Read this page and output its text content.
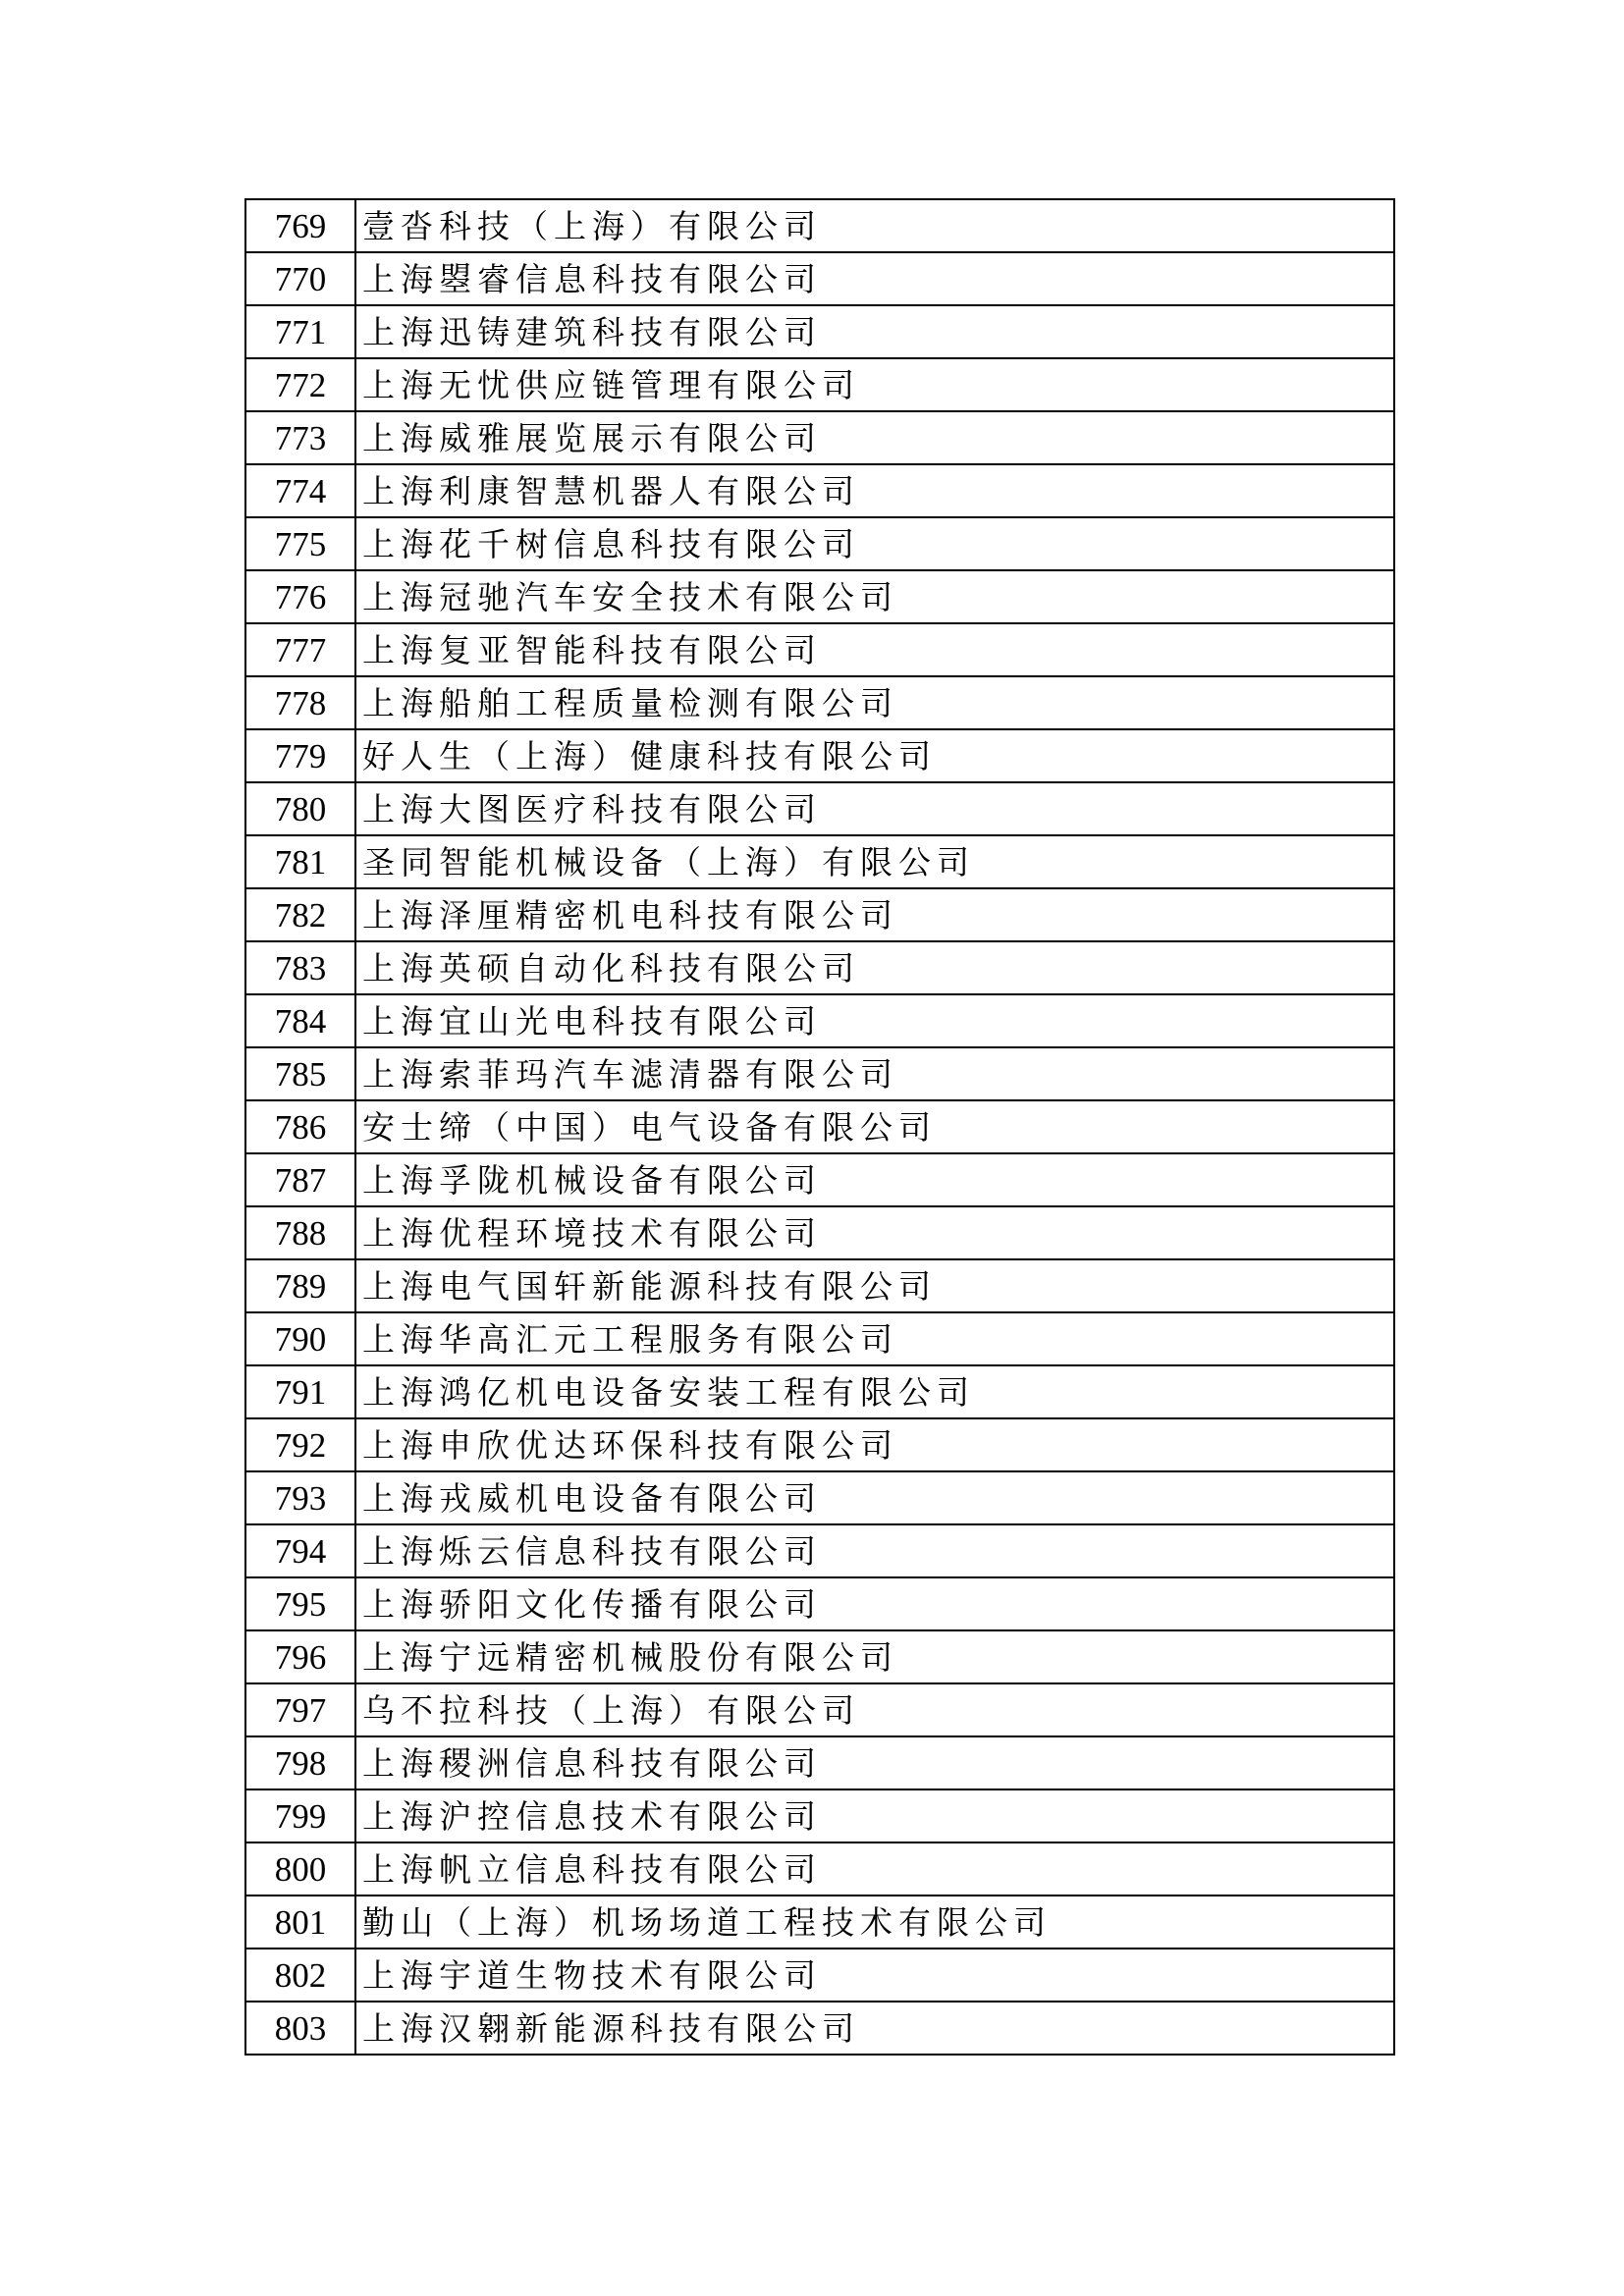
769	壹沓科技（上海）有限公司
770	上海曌睿信息科技有限公司
771	上海迅铸建筑科技有限公司
772	上海无忧供应链管理有限公司
773	上海威雅展览展示有限公司
774	上海利康智慧机器人有限公司
775	上海花千树信息科技有限公司
776	上海冠驰汽车安全技术有限公司
777	上海复亚智能科技有限公司
778	上海船舶工程质量检测有限公司
779	好人生（上海）健康科技有限公司
780	上海大图医疗科技有限公司
781	圣同智能机械设备（上海）有限公司
782	上海泽厘精密机电科技有限公司
783	上海英硕自动化科技有限公司
784	上海宜山光电科技有限公司
785	上海索菲玛汽车滤清器有限公司
786	安士缔（中国）电气设备有限公司
787	上海孚陇机械设备有限公司
788	上海优程环境技术有限公司
789	上海电气国轩新能源科技有限公司
790	上海华高汇元工程服务有限公司
791	上海鸿亿机电设备安装工程有限公司
792	上海申欣优达环保科技有限公司
793	上海戎威机电设备有限公司
794	上海烁云信息科技有限公司
795	上海骄阳文化传播有限公司
796	上海宁远精密机械股份有限公司
797	乌不拉科技（上海）有限公司
798	上海稷洲信息科技有限公司
799	上海沪控信息技术有限公司
800	上海帆立信息科技有限公司
801	勤山（上海）机场场道工程技术有限公司
802	上海宇道生物技术有限公司
803	上海汉翱新能源科技有限公司
